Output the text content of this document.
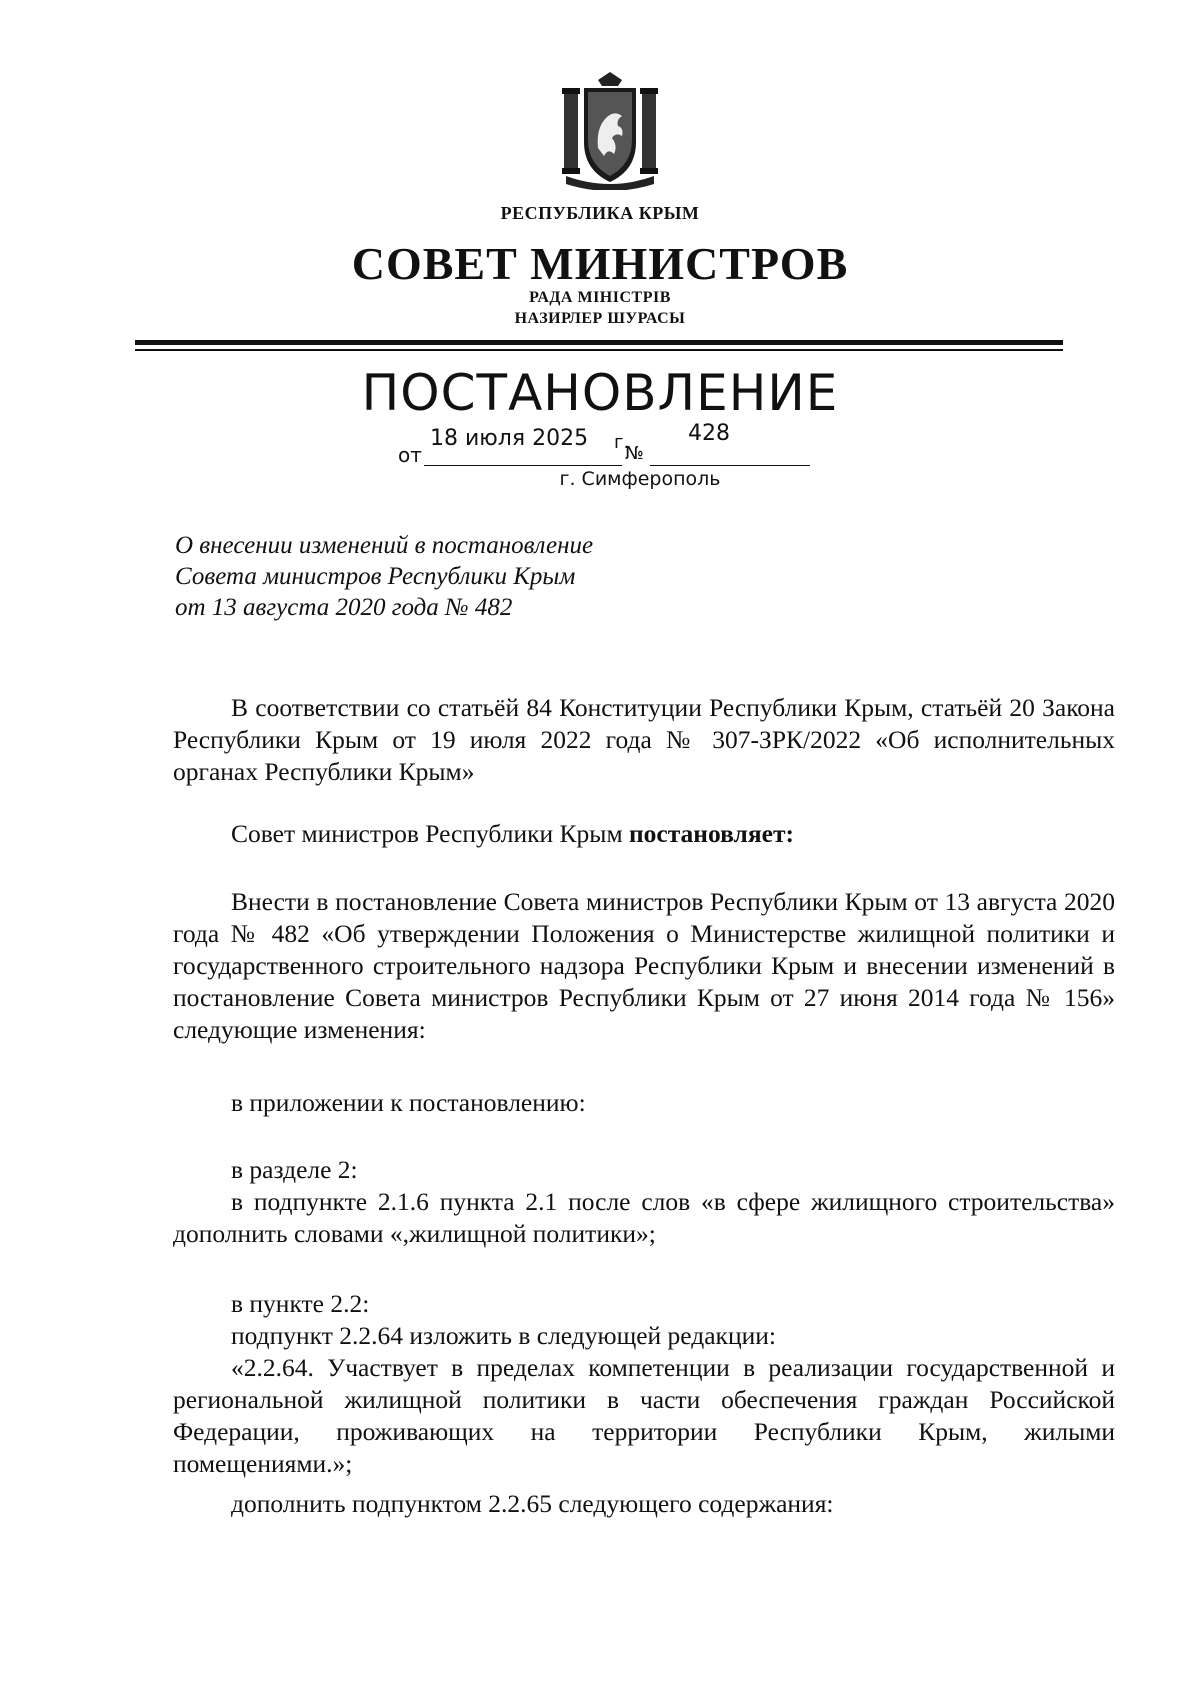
РЕСПУБЛИКА КРЫМ
СОВЕТ МИНИСТРОВ
РАДА МІНІСТРІВ
НАЗИРЛЕР ШУРАСЫ
ПОСТАНОВЛЕНИЕ
от
18 июля 2025 г.
№
428
г. Симферополь
О внесении изменений в постановление
Совета министров Республики Крым
от 13 августа 2020 года № 482

В соответствии со статьёй 84 Конституции Республики Крым, статьёй 20 Закона Республики Крым от 19 июля 2022 года № 307-ЗРК/2022 «Об исполнительных органах Республики Крым»

Совет министров Республики Крым постановляет:

Внести в постановление Совета министров Республики Крым от 13 августа 2020 года № 482 «Об утверждении Положения о Министерстве жилищной политики и государственного строительного надзора Республики Крым и внесении изменений в постановление Совета министров Республики Крым от 27 июня 2014 года № 156» следующие изменения:

в приложении к постановлению:

в разделе 2:

в подпункте 2.1.6 пункта 2.1 после слов «в сфере жилищного строительства» дополнить словами «,жилищной политики»;

в пункте 2.2:

подпункт 2.2.64 изложить в следующей редакции:

«2.2.64. Участвует в пределах компетенции в реализации государственной и региональной жилищной политики в части обеспечения граждан Российской Федерации, проживающих на территории Республики Крым, жилыми помещениями.»;

дополнить подпунктом 2.2.65 следующего содержания:
